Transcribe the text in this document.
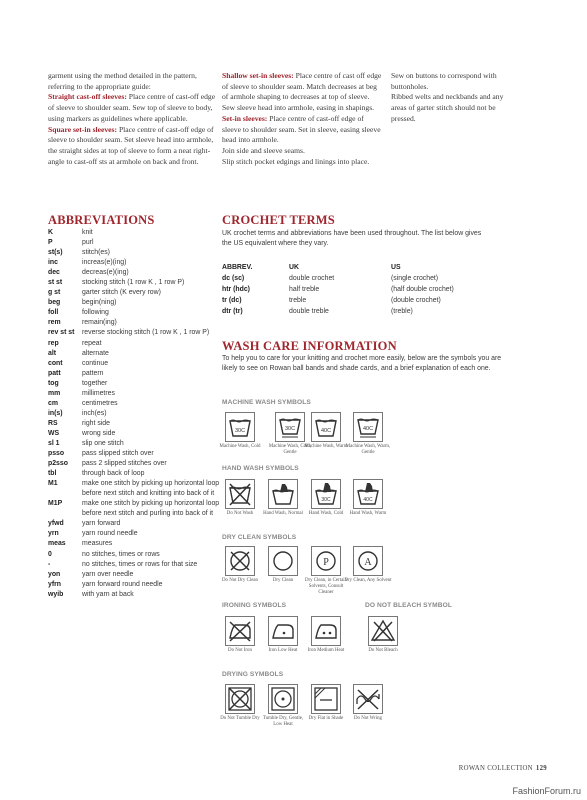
garment using the method detailed in the pattern, referring to the appropriate guide:

Straight cast-off sleeves: Place centre of cast-off edge of sleeve to shoulder seam. Sew top of sleeve to body, using markers as guidelines where applicable.

Square set-in sleeves: Place centre of cast-off edge of sleeve to shoulder seam. Set sleeve head into armhole, the straight sides at top of sleeve to form a neat right-angle to cast-off sts at armhole on back and front.

Shallow set-in sleeves: Place centre of cast off edge of sleeve to shoulder seam. Match decreases at beg of armhole shaping to decreases at top of sleeve. Sew sleeve head into armhole, easing in shapings.

Set-in sleeves: Place centre of cast-off edge of sleeve to shoulder seam. Set in sleeve, easing sleeve head into armhole.

Join side and sleeve seams.

Slip stitch pocket edgings and linings into place.

Sew on buttons to correspond with buttonholes.

Ribbed welts and neckbands and any areas of garter stitch should not be pressed.

ABBREVIATIONS
K	knit
P	purl
st(s)	stitch(es)
inc	increas(e)(ing)
dec	decreas(e)(ing)
st st	stocking stitch (1 row K , 1 row P)
g st	garter stitch (K every row)
beg	begin(ning)
foll	following
rem	remain(ing)
rev st st	reverse stocking stitch (1 row K , 1 row P)
rep	repeat
alt	alternate
cont	continue
patt	pattern
tog	together
mm	millimetres
cm	centimetres
in(s)	inch(es)
RS	right side
WS	wrong side
sl 1	slip one stitch
psso	pass slipped stitch over
p2sso	pass 2 slipped stitches over
tbl	through back of loop
M1	make one stitch by picking up horizontal loop before next stitch and knitting into back of it
M1P	make one stitch by picking up horizontal loop before next stitch and purling into back of it
yfwd	yarn forward
yrn	yarn round needle
meas	measures
0	no stitches, times or rows
-	no stitches, times or rows for that size
yon	yarn over needle
yfrn	yarn forward round needle
wyib	with yarn at back
CROCHET TERMS

UK crochet terms and abbreviations have been used throughout. The list below gives the US equivalent where they vary.

ABBREV.	UK	US
dc (sc)	double crochet	(single crochet)
htr (hdc)	half treble	(half double crochet)
tr (dc)	treble	(double crochet)
dtr (tr)	double treble	(treble)
WASH CARE INFORMATION

To help you to care for your knitting and crochet more easily, below are the symbols you are likely to see on Rowan ball bands and shade cards, and a brief explanation of each one.

MACHINE WASH SYMBOLS
HAND WASH SYMBOLS
DRY CLEAN SYMBOLS
IRONING SYMBOLS	DO NOT BLEACH SYMBOL
DRYING SYMBOLS
30C	30C	40C	40C
Machine Wash, Cold	Machine Wash, Cold, Gentle
Machine Wash, Warm
Machine Wash, Warm, Gentle
30C	40C
Do Not Wash	Hand Wash, Normal	Hand Wash, Cold	Hand Wash, Warm
P	A
Do Not Dry Clean	Dry Clean	Dry Clean, in Certain Solvents, Consult Cleaner
Dry Clean, Any Solvent
Do Not Iron	Iron Low Heat	Iron Medium Heat	Do Not Bleach
Do Not Tumble Dry Tumble Dry, Gentle, Low Heat
Dry Flat in Shade	Do Not Wring
ROWAN COLLECTION 129
FashionForum.ru
